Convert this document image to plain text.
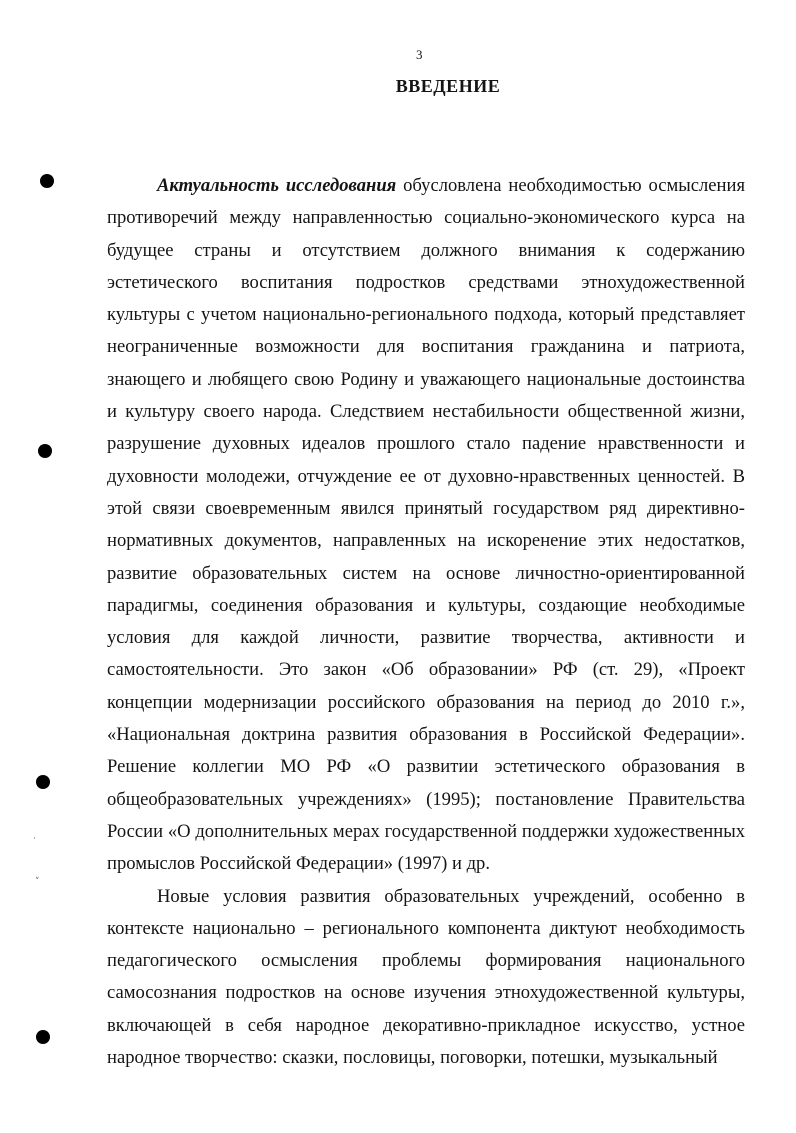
3
ВВЕДЕНИЕ

Актуальность исследования обусловлена необходимостью осмысления противоречий между направленностью социально-экономического курса на будущее страны и отсутствием должного внимания к содержанию эстетического воспитания подростков средствами этнохудожественной культуры с учетом национально-регионального подхода, который представляет неограниченные возможности для воспитания гражданина и патриота, знающего и любящего свою Родину и уважающего национальные достоинства и культуру своего народа. Следствием нестабильности общественной жизни, разрушение духовных идеалов прошлого стало падение нравственности и духовности молодежи, отчуждение ее от духовно-нравственных ценностей. В этой связи своевременным явился принятый государством ряд директивно-нормативных документов, направленных на искоренение этих недостатков, развитие образовательных систем на основе личностно-ориентированной парадигмы, соединения образования и культуры, создающие необходимые условия для каждой личности, развитие творчества, активности и самостоятельности. Это закон «Об образовании» РФ (ст. 29), «Проект концепции модернизации российского образования на период до 2010 г.», «Национальная доктрина развития образования в Российской Федерации». Решение коллегии МО РФ «О развитии эстетического образования в общеобразовательных учреждениях» (1995); постановление Правительства России «О дополнительных мерах государственной поддержки художественных промыслов Российской Федерации» (1997) и др.

Новые условия развития образовательных учреждений, особенно в контексте национально – регионального компонента диктуют необходимость педагогического осмысления проблемы формирования национального самосознания подростков на основе изучения этнохудожественной культуры, включающей в себя народное декоративно-прикладное искусство, устное народное творчество: сказки, пословицы, поговорки, потешки, музыкальный

·
˅
